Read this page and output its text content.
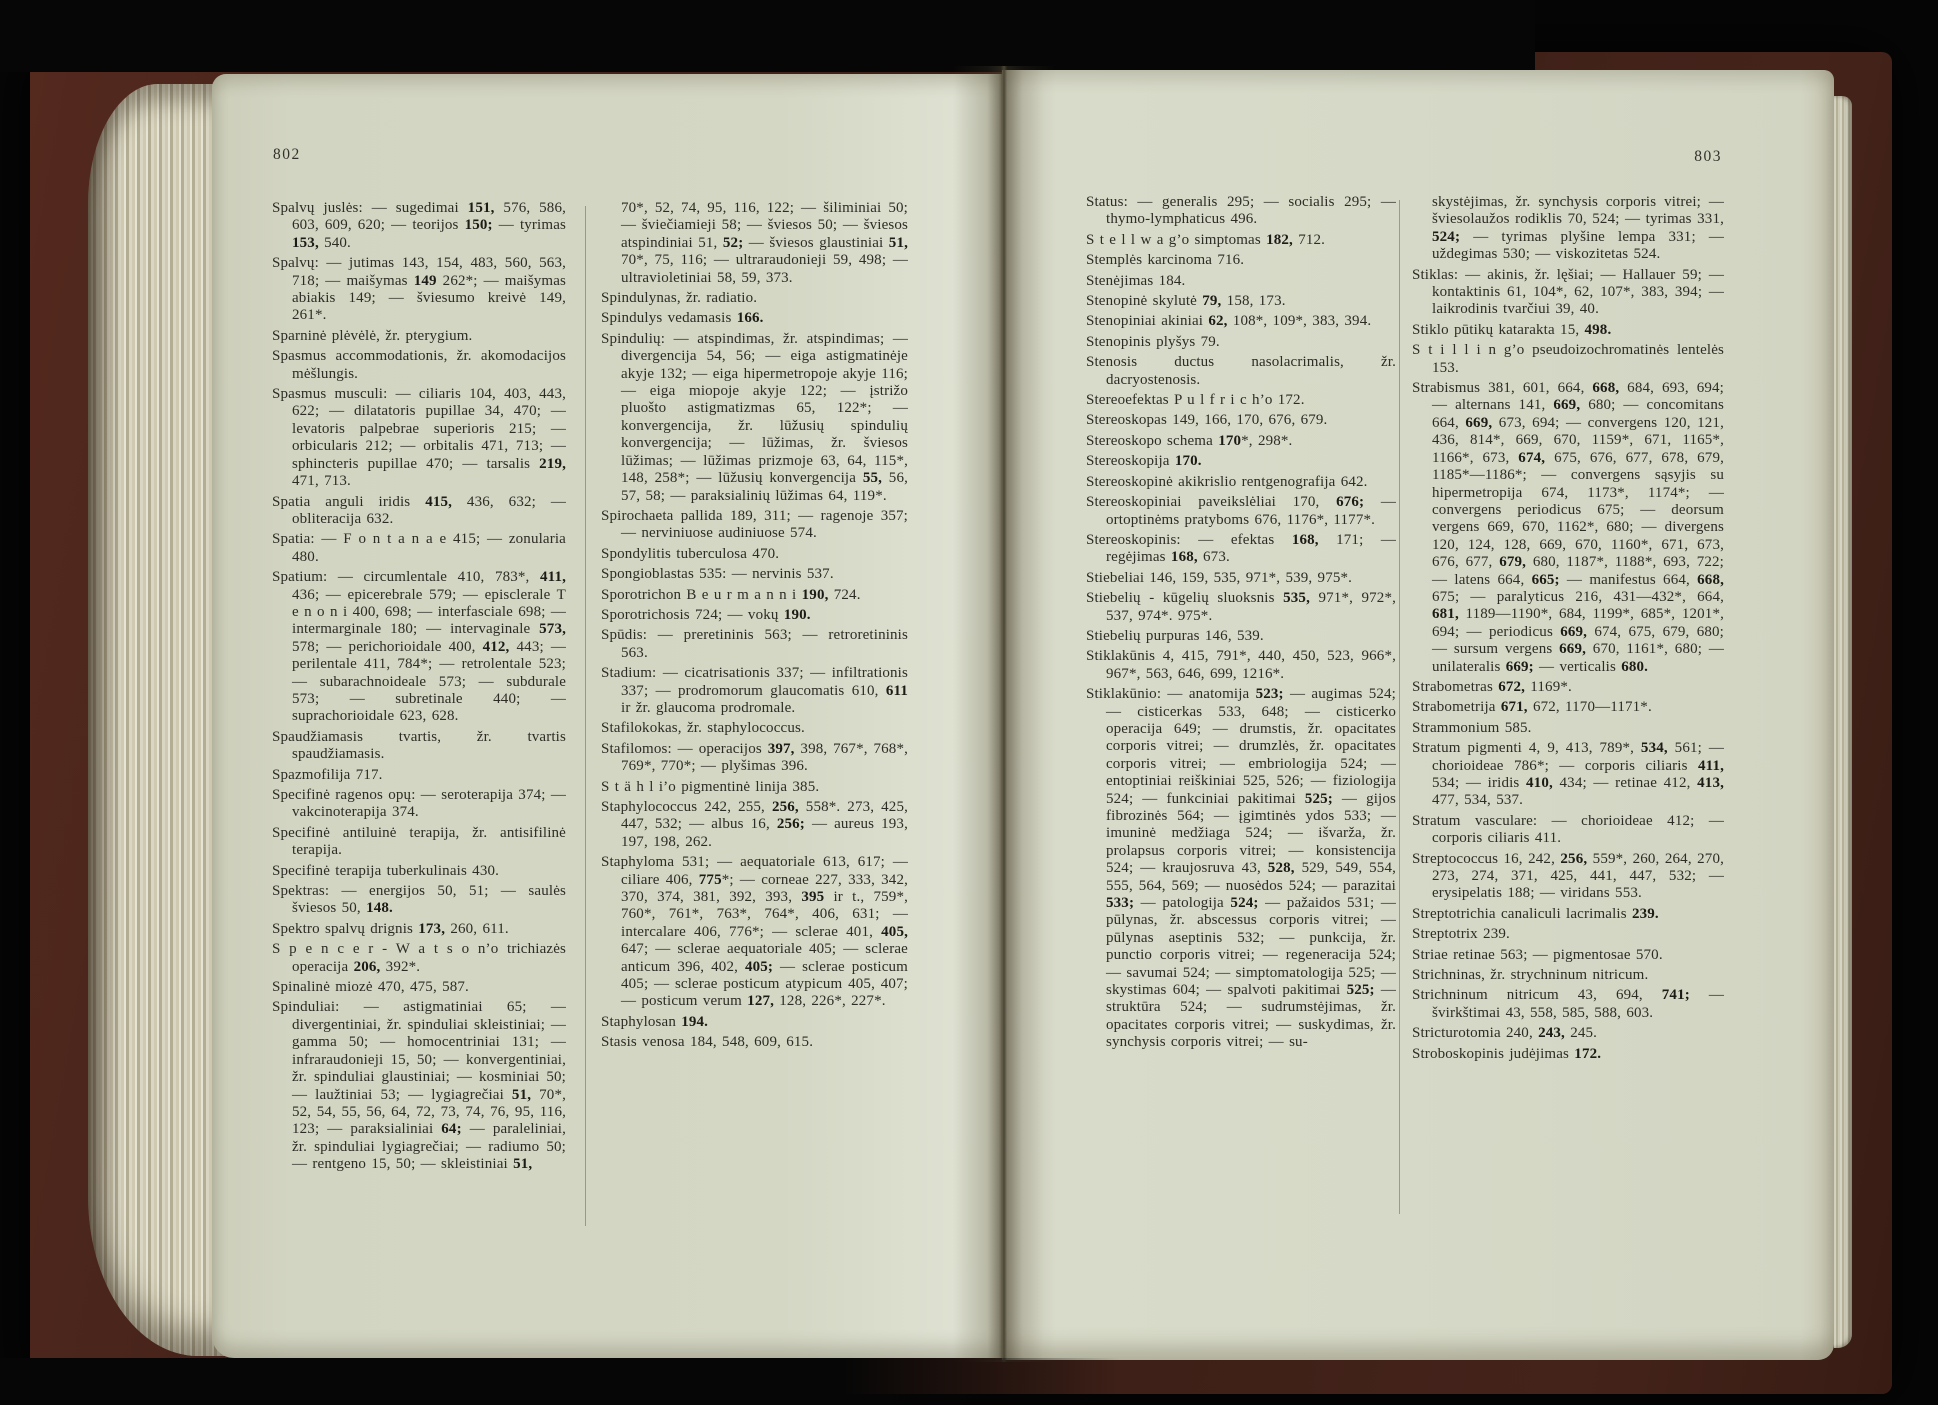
802

Spalvų juslės: — sugedimai 151, 576, 586, 603, 609, 620; — teorijos 150; — tyrimas 153, 540.

Spalvų: — jutimas 143, 154, 483, 560, 563, 718; — maišymas 149 262*; — maišymas abiakis 149; — šviesumo kreivė 149, 261*.

Sparninė plėvėlė, žr. pterygium.

Spasmus accommodationis, žr. akomodacijos mėšlungis.

Spasmus musculi: — ciliaris 104, 403, 443, 622; — dilatatoris pupillae 34, 470; — levatoris palpebrae superioris 215; — orbicularis 212; — orbitalis 471, 713; — sphincteris pupillae 470; — tarsalis 219, 471, 713.

Spatia anguli iridis 415, 436, 632; — obliteracija 632.

Spatia: — F o n t a n a e 415; — zonularia 480.

Spatium: — circumlentale 410, 783*, 411, 436; — epicerebrale 579; — episclerale T e n o n i 400, 698; — interfasciale 698; — intermarginale 180; — intervaginale 573, 578; — perichorioidale 400, 412, 443; — perilentale 411, 784*; — retrolentale 523; — subarachnoideale 573; — subdurale 573; — subretinale 440; — suprachorioidale 623, 628.

Spaudžiamasis tvartis, žr. tvartis spaudžiamasis.

Spazmofilija 717.

Specifinė ragenos opų: — seroterapija 374; — vakcinoterapija 374.

Specifinė antiluinė terapija, žr. antisifilinė terapija.

Specifinė terapija tuberkulinais 430.

Spektras: — energijos 50, 51; — saulės šviesos 50, 148.

Spektro spalvų drignis 173, 260, 611.

S p e n c e r - W a t s o n’o trichiazės operacija 206, 392*.

Spinalinė miozė 470, 475, 587.

Spinduliai: — astigmatiniai 65; — divergentiniai, žr. spinduliai skleistiniai; — gamma 50; — homocentriniai 131; — infraraudonieji 15, 50; — konvergentiniai, žr. spinduliai glaustiniai; — kosminiai 50; — laužtiniai 53; — lygiagrečiai 51, 70*, 52, 54, 55, 56, 64, 72, 73, 74, 76, 95, 116, 123; — paraksialiniai 64; — paraleliniai, žr. spinduliai lygiagrečiai; — radiumo 50; — rentgeno 15, 50; — skleistiniai 51,

70*, 52, 74, 95, 116, 122; — šiliminiai 50; — šviečiamieji 58; — šviesos 50; — šviesos atspindiniai 51, 52; — šviesos glaustiniai 51, 70*, 75, 116; — ultraraudonieji 59, 498; — ultravioletiniai 58, 59, 373.

Spindulynas, žr. radiatio.

Spindulys vedamasis 166.

Spindulių: — atspindimas, žr. atspindimas; — divergencija 54, 56; — eiga astigmatinėje akyje 132; — eiga hipermetropoje akyje 116; — eiga miopoje akyje 122; — įstrižo pluošto astigmatizmas 65, 122*; — konvergencija, žr. lūžusių spindulių konvergencija; — lūžimas, žr. šviesos lūžimas; — lūžimas prizmoje 63, 64, 115*, 148, 258*; — lūžusių konvergencija 55, 56, 57, 58; — paraksialinių lūžimas 64, 119*.

Spirochaeta pallida 189, 311; — ragenoje 357; — nerviniuose audiniuose 574.

Spondylitis tuberculosa 470.

Spongioblastas 535: — nervinis 537.

Sporotrichon B e u r m a n n i 190, 724.

Sporotrichosis 724; — vokų 190.

Spūdis: — preretininis 563; — retroretininis 563.

Stadium: — cicatrisationis 337; — infiltrationis 337; — prodromorum glaucomatis 610, 611 ir žr. glaucoma prodromale.

Stafilokokas, žr. staphylococcus.

Stafilomos: — operacijos 397, 398, 767*, 768*, 769*, 770*; — plyšimas 396.

S t ä h l i’o pigmentinė linija 385.

Staphylococcus 242, 255, 256, 558*. 273, 425, 447, 532; — albus 16, 256; — aureus 193, 197, 198, 262.

Staphyloma 531; — aequatoriale 613, 617; — ciliare 406, 775*; — corneae 227, 333, 342, 370, 374, 381, 392, 393, 395 ir t., 759*, 760*, 761*, 763*, 764*, 406, 631; — intercalare 406, 776*; — sclerae 401, 405, 647; — sclerae aequatoriale 405; — sclerae anticum 396, 402, 405; — sclerae posticum 405; — sclerae posticum atypicum 405, 407; — posticum verum 127, 128, 226*, 227*.

Staphylosan 194.

Stasis venosa 184, 548, 609, 615.

803

Status: — generalis 295; — socialis 295; — thymo-lymphaticus 496.

S t e l l w a g’o simptomas 182, 712.

Stemplės karcinoma 716.

Stenėjimas 184.

Stenopinė skylutė 79, 158, 173.

Stenopiniai akiniai 62, 108*, 109*, 383, 394.

Stenopinis plyšys 79.

Stenosis ductus nasolacrimalis, žr. dacryostenosis.

Stereoefektas P u l f r i c h’o 172.

Stereoskopas 149, 166, 170, 676, 679.

Stereoskopo schema 170*, 298*.

Stereoskopija 170.

Stereoskopinė akikrislio rentgenografija 642.

Stereoskopiniai paveikslėliai 170, 676; — ortoptinėms pratyboms 676, 1176*, 1177*.

Stereoskopinis: — efektas 168, 171; — regėjimas 168, 673.

Stiebeliai 146, 159, 535, 971*, 539, 975*.

Stiebelių - kūgelių sluoksnis 535, 971*, 972*, 537, 974*. 975*.

Stiebelių purpuras 146, 539.

Stiklakūnis 4, 415, 791*, 440, 450, 523, 966*, 967*, 563, 646, 699, 1216*.

Stiklakūnio: — anatomija 523; — augimas 524; — cisticerkas 533, 648; — cisticerko operacija 649; — drumstis, žr. opacitates corporis vitrei; — drumzlės, žr. opacitates corporis vitrei; — embriologija 524; — entoptiniai reiškiniai 525, 526; — fiziologija 524; — funkciniai pakitimai 525; — gijos fibrozinės 564; — įgimtinės ydos 533; — imuninė medžiaga 524; — išvarža, žr. prolapsus corporis vitrei; — konsistencija 524; — kraujosruva 43, 528, 529, 549, 554, 555, 564, 569; — nuosėdos 524; — parazitai 533; — patologija 524; — pažaidos 531; — pūlynas, žr. abscessus corporis vitrei; — pūlynas aseptinis 532; — punkcija, žr. punctio corporis vitrei; — regeneracija 524; — savumai 524; — simptomatologija 525; — skystimas 604; — spalvoti pakitimai 525; — struktūra 524; — sudrumstėjimas, žr. opacitates corporis vitrei; — suskydimas, žr. synchysis corporis vitrei; — su-

skystėjimas, žr. synchysis corporis vitrei; — šviesolaužos rodiklis 70, 524; — tyrimas 331, 524; — tyrimas plyšine lempa 331; — uždegimas 530; — viskozitetas 524.

Stiklas: — akinis, žr. lęšiai; — Hallauer 59; — kontaktinis 61, 104*, 62, 107*, 383, 394; — laikrodinis tvarčiui 39, 40.

Stiklo pūtikų katarakta 15, 498.

S t i l l i n g’o pseudoizochromatinės lentelės 153.

Strabismus 381, 601, 664, 668, 684, 693, 694; — alternans 141, 669, 680; — concomitans 664, 669, 673, 694; — convergens 120, 121, 436, 814*, 669, 670, 1159*, 671, 1165*, 1166*, 673, 674, 675, 676, 677, 678, 679, 1185*—1186*; — convergens sąsyjis su hipermetropija 674, 1173*, 1174*; — convergens periodicus 675; — deorsum vergens 669, 670, 1162*, 680; — divergens 120, 124, 128, 669, 670, 1160*, 671, 673, 676, 677, 679, 680, 1187*, 1188*, 693, 722; — latens 664, 665; — manifestus 664, 668, 675; — paralyticus 216, 431—432*, 664, 681, 1189—1190*, 684, 1199*, 685*, 1201*, 694; — periodicus 669, 674, 675, 679, 680; — sursum vergens 669, 670, 1161*, 680; — unilateralis 669; — verticalis 680.

Strabometras 672, 1169*.

Strabometrija 671, 672, 1170—1171*.

Strammonium 585.

Stratum pigmenti 4, 9, 413, 789*, 534, 561; — chorioideae 786*; — corporis ciliaris 411, 534; — iridis 410, 434; — retinae 412, 413, 477, 534, 537.

Stratum vasculare: — chorioideae 412; — corporis ciliaris 411.

Streptococcus 16, 242, 256, 559*, 260, 264, 270, 273, 274, 371, 425, 441, 447, 532; — erysipelatis 188; — viridans 553.

Streptotrichia canaliculi lacrimalis 239.

Streptotrix 239.

Striae retinae 563; — pigmentosae 570.

Strichninas, žr. strychninum nitricum.

Strichninum nitricum 43, 694, 741; — švirkštimai 43, 558, 585, 588, 603.

Stricturotomia 240, 243, 245.

Stroboskopinis judėjimas 172.
